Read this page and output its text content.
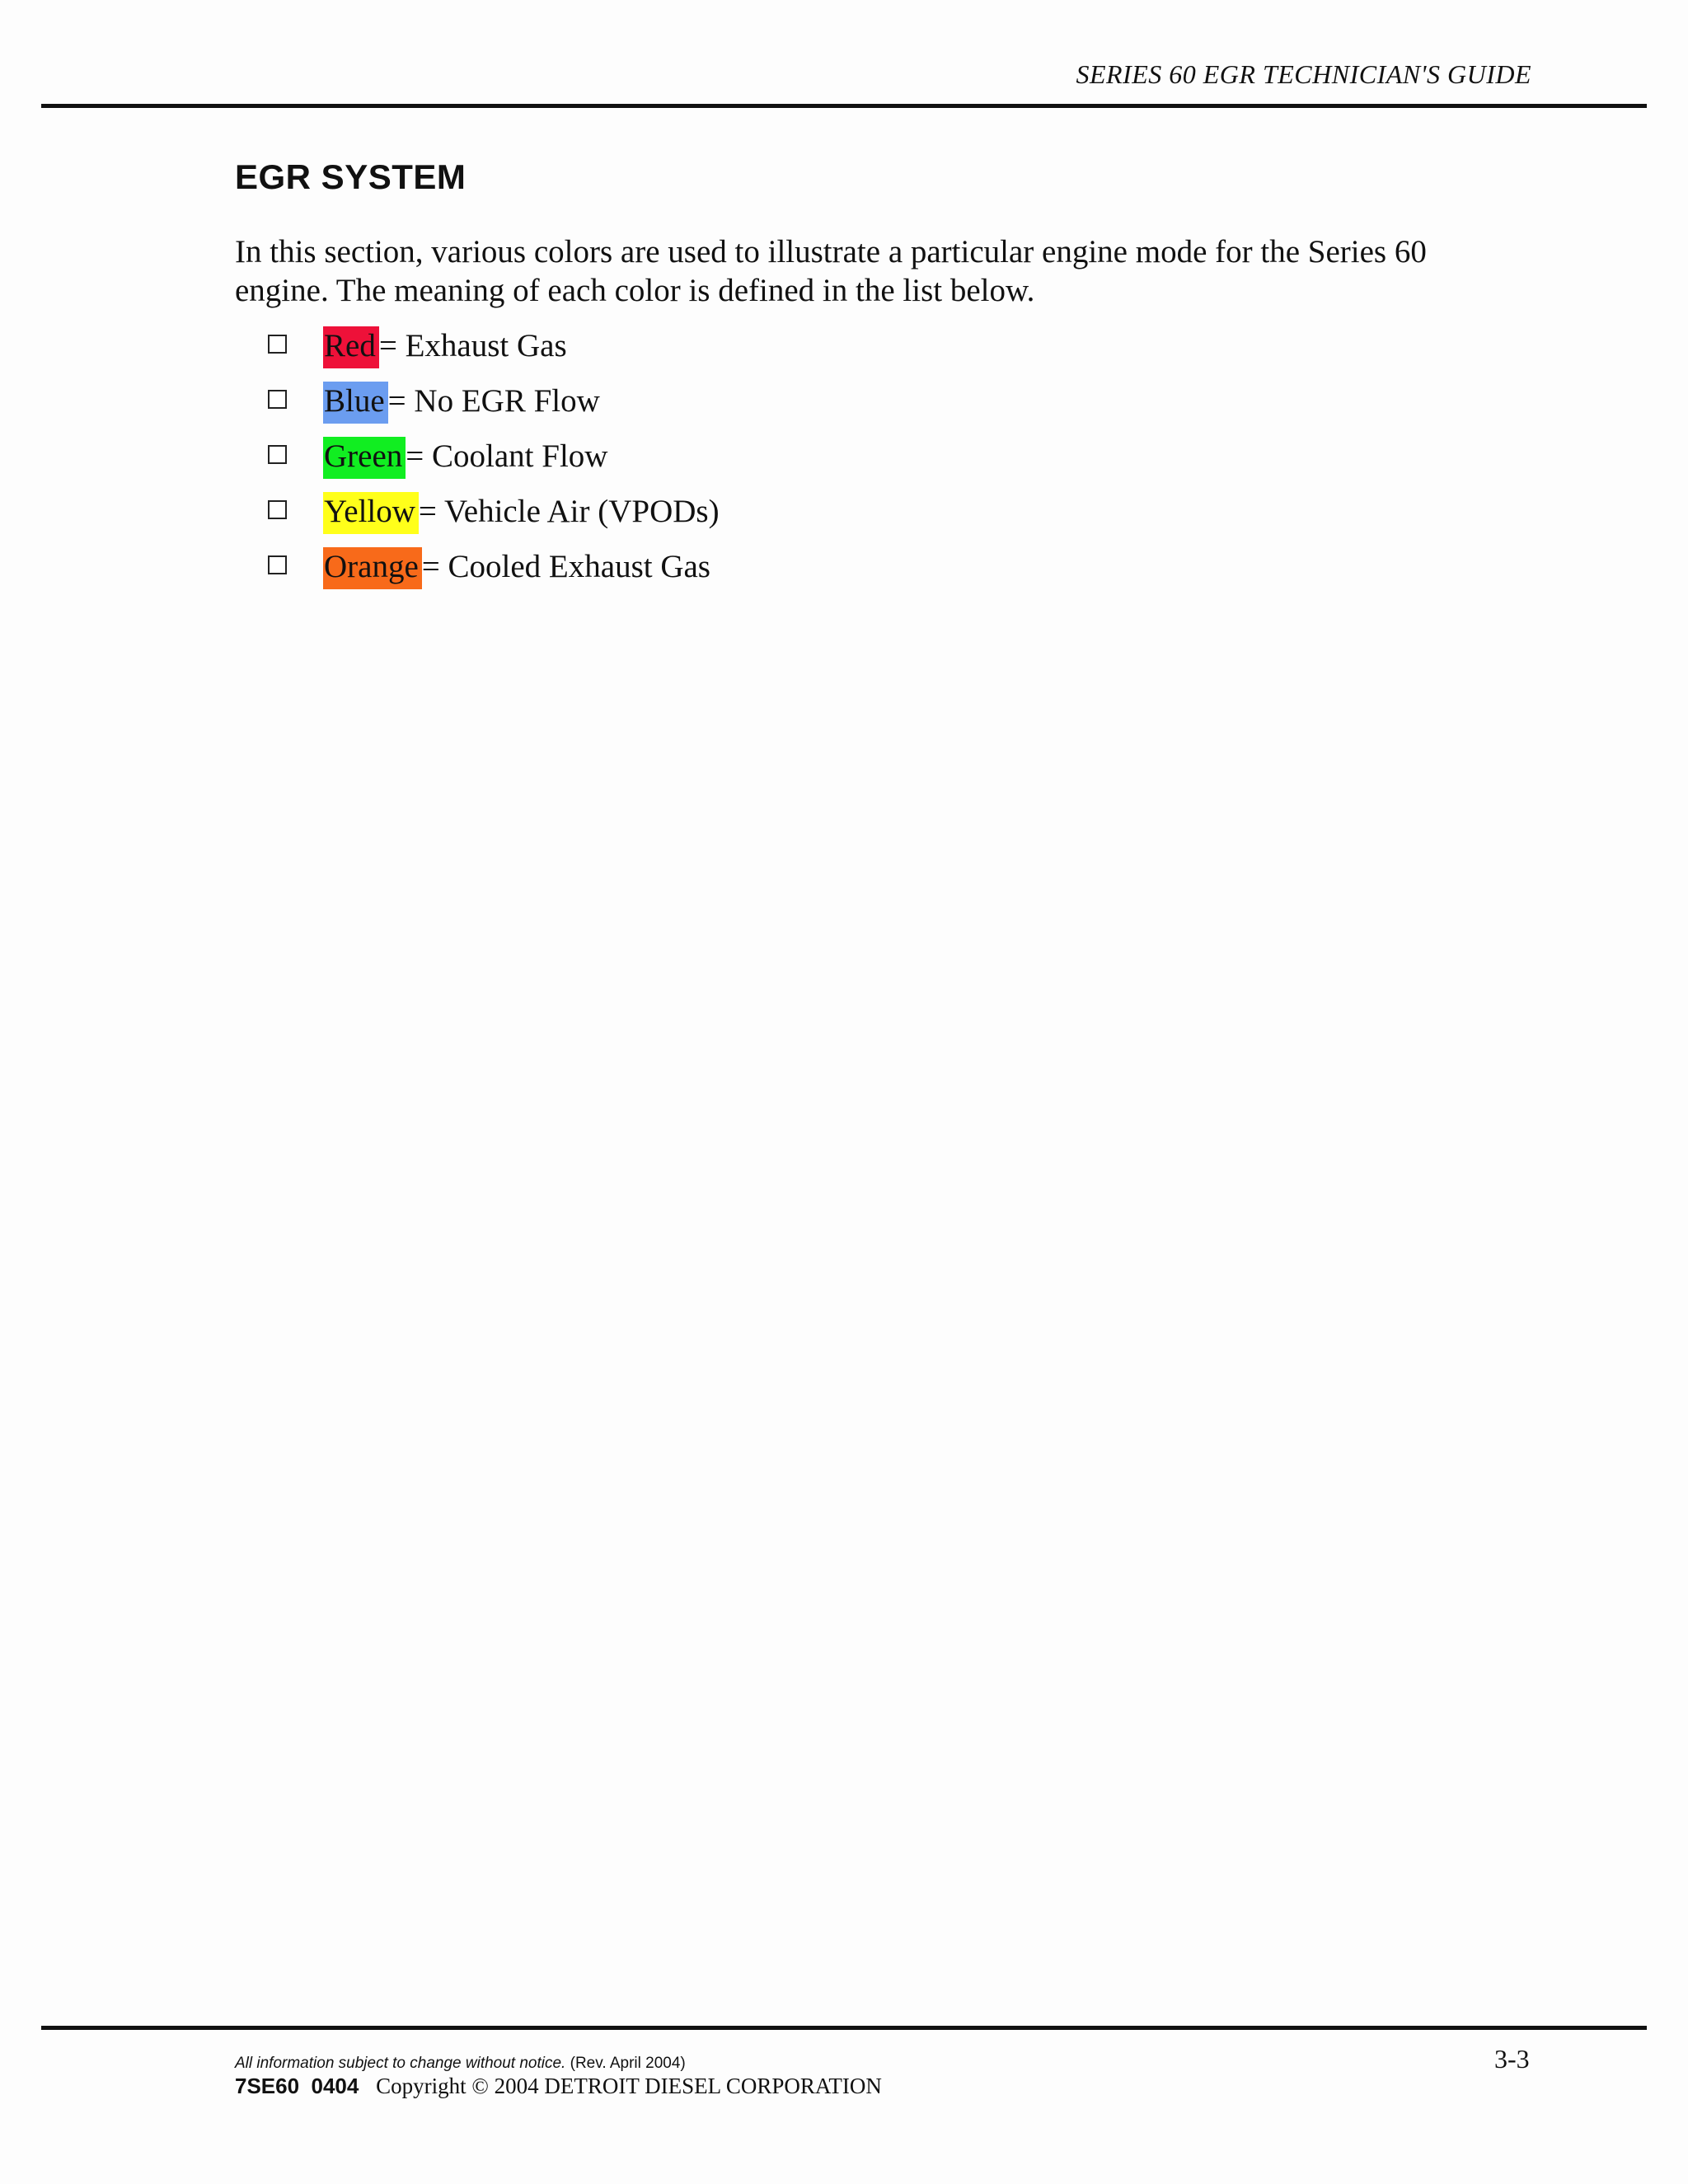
SERIES 60 EGR TECHNICIAN'S GUIDE
EGR SYSTEM

In this section, various colors are used to illustrate a particular engine mode for the Series 60 engine. The meaning of each color is defined in the list below.

Red = Exhaust Gas
Blue = No EGR Flow
Green = Coolant Flow
Yellow = Vehicle Air (VPODs)
Orange = Cooled Exhaust Gas
All information subject to change without notice. (Rev. April 2004)
7SE60  0404 Copyright © 2004 DETROIT DIESEL CORPORATION
3-3
